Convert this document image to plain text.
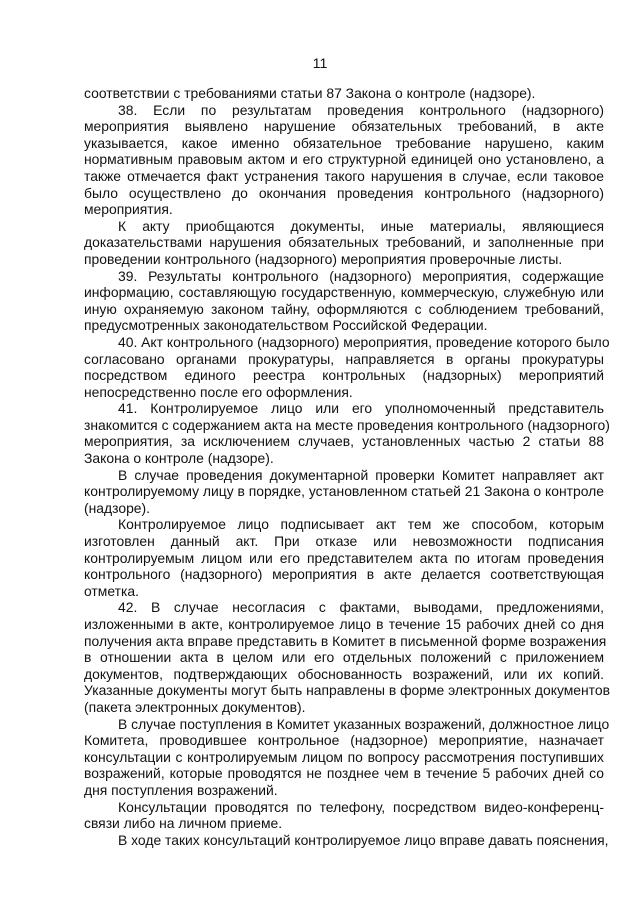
11
соответствии с требованиями статьи 87 Закона о контроле (надзоре).
38. Если по результатам проведения контрольного (надзорного)
мероприятия выявлено нарушение обязательных требований, в акте
указывается, какое именно обязательное требование нарушено, каким
нормативным правовым актом и его структурной единицей оно установлено, а
также отмечается факт устранения такого нарушения в случае, если таковое
было осуществлено до окончания проведения контрольного (надзорного)
мероприятия.
К акту приобщаются документы, иные материалы, являющиеся
доказательствами нарушения обязательных требований, и заполненные при
проведении контрольного (надзорного) мероприятия проверочные листы.
39. Результаты контрольного (надзорного) мероприятия, содержащие
информацию, составляющую государственную, коммерческую, служебную или
иную охраняемую законом тайну, оформляются с соблюдением требований,
предусмотренных законодательством Российской Федерации.
40. Акт контрольного (надзорного) мероприятия, проведение которого было
согласовано органами прокуратуры, направляется в органы прокуратуры
посредством единого реестра контрольных (надзорных) мероприятий
непосредственно после его оформления.
41. Контролируемое лицо или его уполномоченный представитель
знакомится с содержанием акта на месте проведения контрольного (надзорного)
мероприятия, за исключением случаев, установленных частью 2 статьи 88
Закона о контроле (надзоре).
В случае проведения документарной проверки Комитет направляет акт
контролируемому лицу в порядке, установленном статьей 21 Закона о контроле
(надзоре).
Контролируемое лицо подписывает акт тем же способом, которым
изготовлен данный акт. При отказе или невозможности подписания
контролируемым лицом или его представителем акта по итогам проведения
контрольного (надзорного) мероприятия в акте делается соответствующая
отметка.
42. В случае несогласия с фактами, выводами, предложениями,
изложенными в акте, контролируемое лицо в течение 15 рабочих дней со дня
получения акта вправе представить в Комитет в письменной форме возражения
в отношении акта в целом или его отдельных положений с приложением
документов, подтверждающих обоснованность возражений, или их копий.
Указанные документы могут быть направлены в форме электронных документов
(пакета электронных документов).
В случае поступления в Комитет указанных возражений, должностное лицо
Комитета, проводившее контрольное (надзорное) мероприятие, назначает
консультации с контролируемым лицом по вопросу рассмотрения поступивших
возражений, которые проводятся не позднее чем в течение 5 рабочих дней со
дня поступления возражений.
Консультации проводятся по телефону, посредством видео-конференц-
связи либо на личном приеме.
В ходе таких консультаций контролируемое лицо вправе давать пояснения,
